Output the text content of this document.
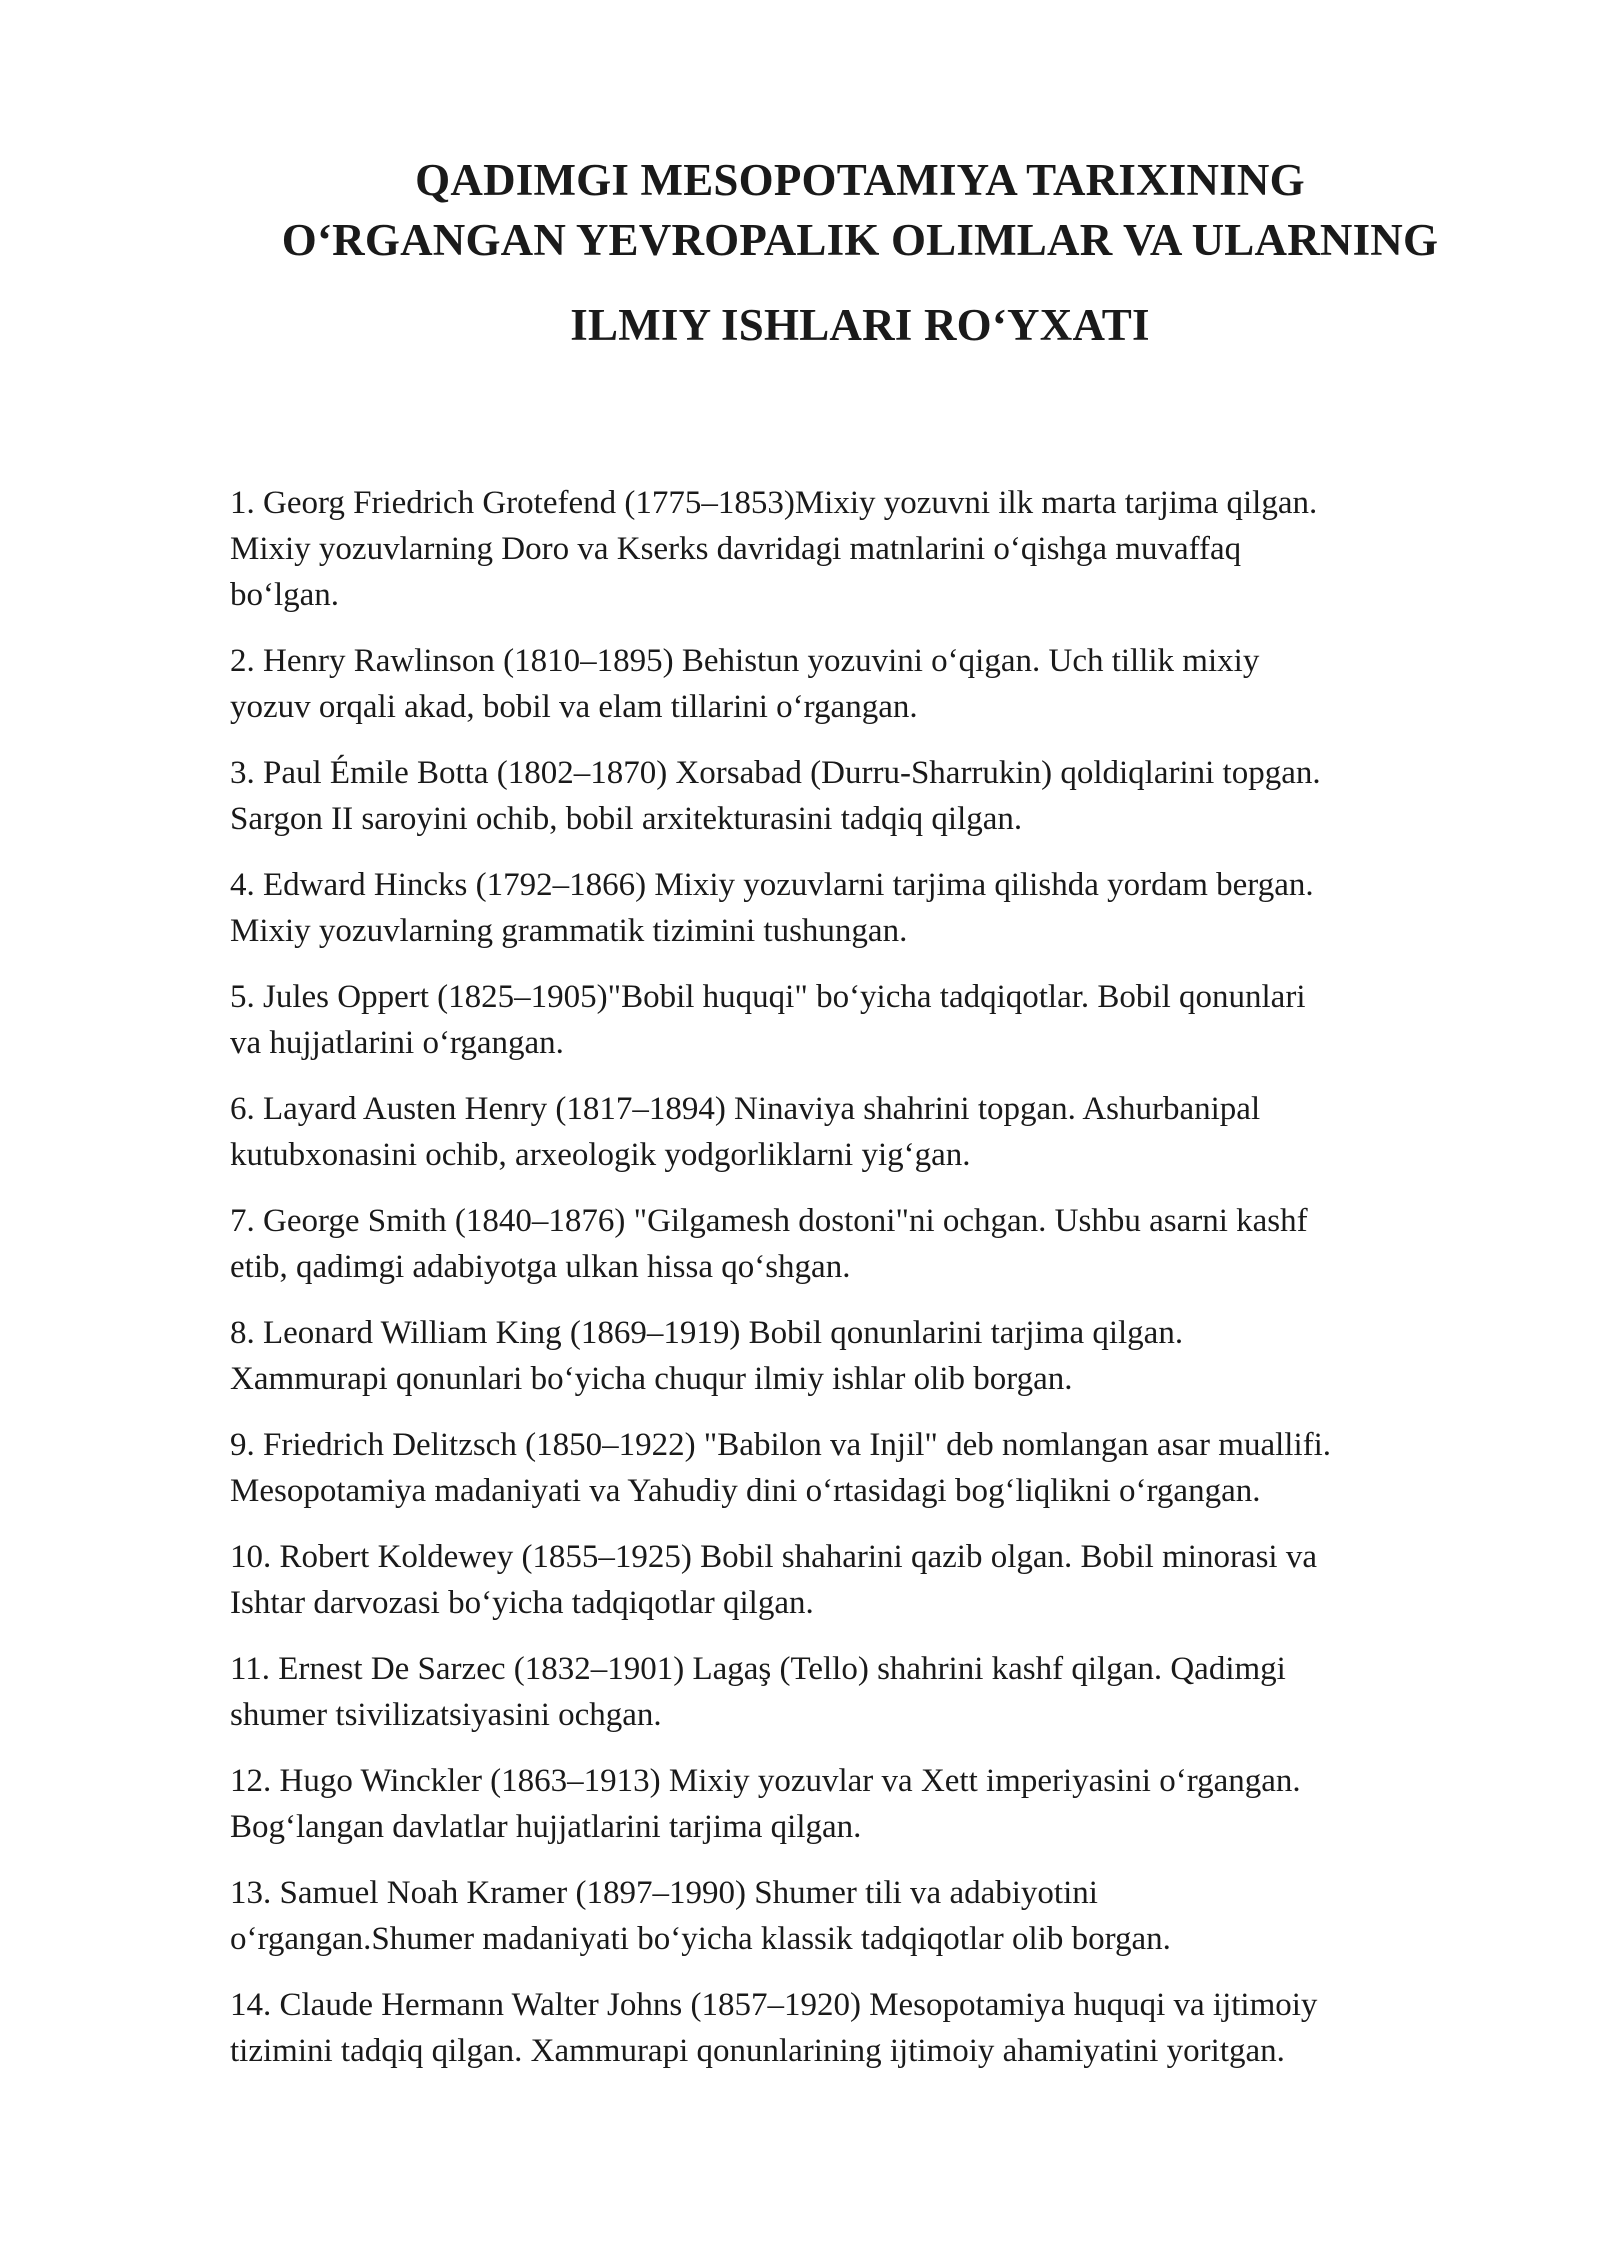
QADIMGI MESOPOTAMIYA TARIXINING
O‘RGANGAN YEVROPALIK OLIMLAR VA ULARNING
ILMIY ISHLARI RO‘YXATI

1. Georg Friedrich Grotefend (1775–1853)Mixiy yozuvni ilk marta tarjima qilgan.
Mixiy yozuvlarning Doro va Kserks davridagi matnlarini o‘qishga muvaffaq
bo‘lgan.

2. Henry Rawlinson (1810–1895) Behistun yozuvini o‘qigan. Uch tillik mixiy
yozuv orqali akad, bobil va elam tillarini o‘rgangan.

3. Paul Émile Botta (1802–1870) Xorsabad (Durru-Sharrukin) qoldiqlarini topgan.
Sargon II saroyini ochib, bobil arxitekturasini tadqiq qilgan.

4. Edward Hincks (1792–1866) Mixiy yozuvlarni tarjima qilishda yordam bergan.
Mixiy yozuvlarning grammatik tizimini tushungan.

5. Jules Oppert (1825–1905)"Bobil huquqi" bo‘yicha tadqiqotlar. Bobil qonunlari
va hujjatlarini o‘rgangan.

6. Layard Austen Henry (1817–1894) Ninaviya shahrini topgan. Ashurbanipal
kutubxonasini ochib, arxeologik yodgorliklarni yig‘gan.

7. George Smith (1840–1876) "Gilgamesh dostoni"ni ochgan. Ushbu asarni kashf
etib, qadimgi adabiyotga ulkan hissa qo‘shgan.

8. Leonard William King (1869–1919) Bobil qonunlarini tarjima qilgan.
Xammurapi qonunlari bo‘yicha chuqur ilmiy ishlar olib borgan.

9. Friedrich Delitzsch (1850–1922) "Babilon va Injil" deb nomlangan asar muallifi.
Mesopotamiya madaniyati va Yahudiy dini o‘rtasidagi bog‘liqlikni o‘rgangan.

10. Robert Koldewey (1855–1925) Bobil shaharini qazib olgan. Bobil minorasi va
Ishtar darvozasi bo‘yicha tadqiqotlar qilgan.

11. Ernest De Sarzec (1832–1901) Lagaş (Tello) shahrini kashf qilgan. Qadimgi
shumer tsivilizatsiyasini ochgan.

12. Hugo Winckler (1863–1913) Mixiy yozuvlar va Xett imperiyasini o‘rgangan.
Bog‘langan davlatlar hujjatlarini tarjima qilgan.

13. Samuel Noah Kramer (1897–1990) Shumer tili va adabiyotini
o‘rgangan.Shumer madaniyati bo‘yicha klassik tadqiqotlar olib borgan.

14. Claude Hermann Walter Johns (1857–1920) Mesopotamiya huquqi va ijtimoiy
tizimini tadqiq qilgan. Xammurapi qonunlarining ijtimoiy ahamiyatini yoritgan.
